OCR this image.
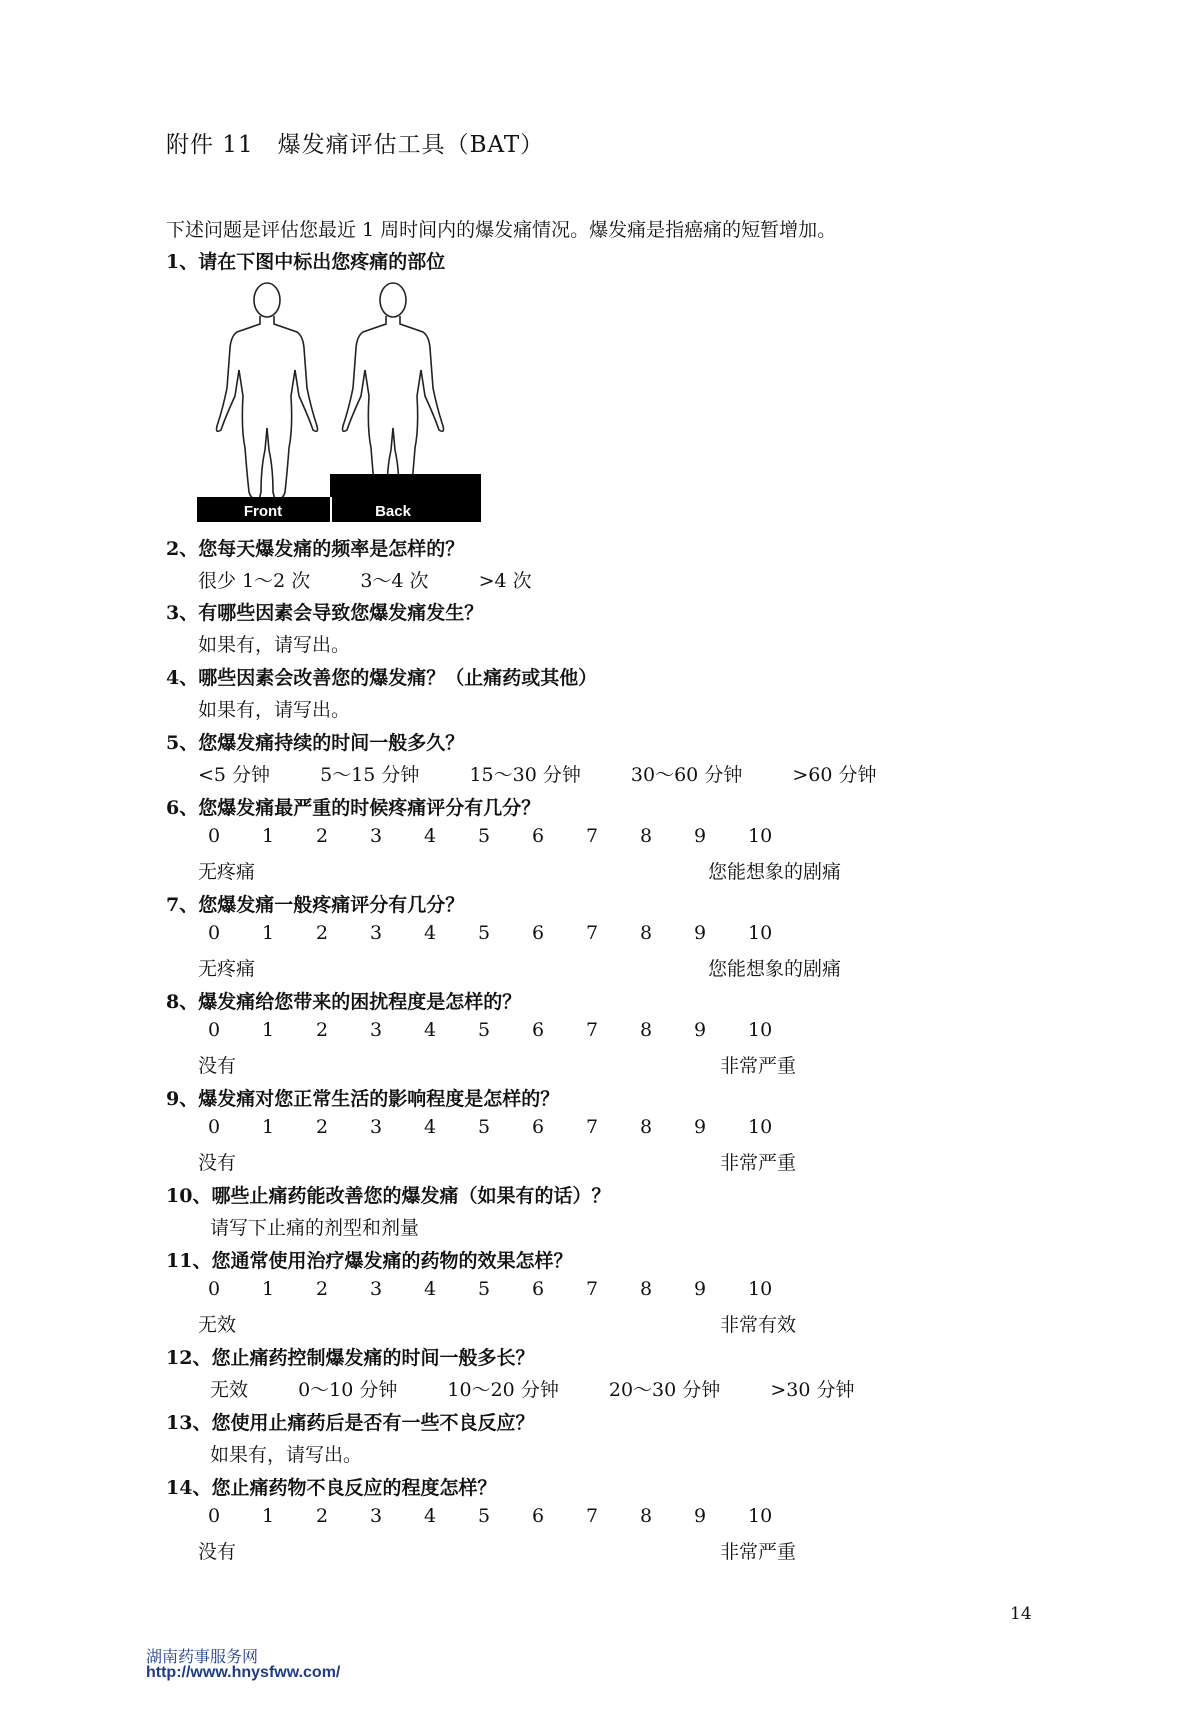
附件 11　爆发痛评估工具（BAT）
下述问题是评估您最近 1 周时间内的爆发痛情况。爆发痛是指癌痛的短暂增加。
1、请在下图中标出您疼痛的部位
Front	Back
2、您每天爆发痛的频率是怎样的？
很少 1～2 次	3～4 次	>4 次
3、有哪些因素会导致您爆发痛发生？
如果有，请写出。
4、哪些因素会改善您的爆发痛？（止痛药或其他）
如果有，请写出。
5、您爆发痛持续的时间一般多久？
<5 分钟	5～15 分钟	15～30 分钟	30～60 分钟	>60 分钟
6、您爆发痛最严重的时候疼痛评分有几分？
0 1 2 3 4 5 6 7 8 9 10
无疼痛	您能想象的剧痛
7、您爆发痛一般疼痛评分有几分？
0 1 2 3 4 5 6 7 8 9 10
无疼痛	您能想象的剧痛
8、爆发痛给您带来的困扰程度是怎样的？
0 1 2 3 4 5 6 7 8 9 10
没有	非常严重
9、爆发痛对您正常生活的影响程度是怎样的？
0 1 2 3 4 5 6 7 8 9 10
没有	非常严重
10、哪些止痛药能改善您的爆发痛（如果有的话）？
请写下止痛的剂型和剂量
11、您通常使用治疗爆发痛的药物的效果怎样？
0 1 2 3 4 5 6 7 8 9 10
无效	非常有效
12、您止痛药控制爆发痛的时间一般多长？
无效	0～10 分钟	10～20 分钟	20～30 分钟	>30 分钟
13、您使用止痛药后是否有一些不良反应？
如果有，请写出。
14、您止痛药物不良反应的程度怎样？
0 1 2 3 4 5 6 7 8 9 10
没有	非常严重
14
湖南药事服务网
http://www.hnysfww.com/
